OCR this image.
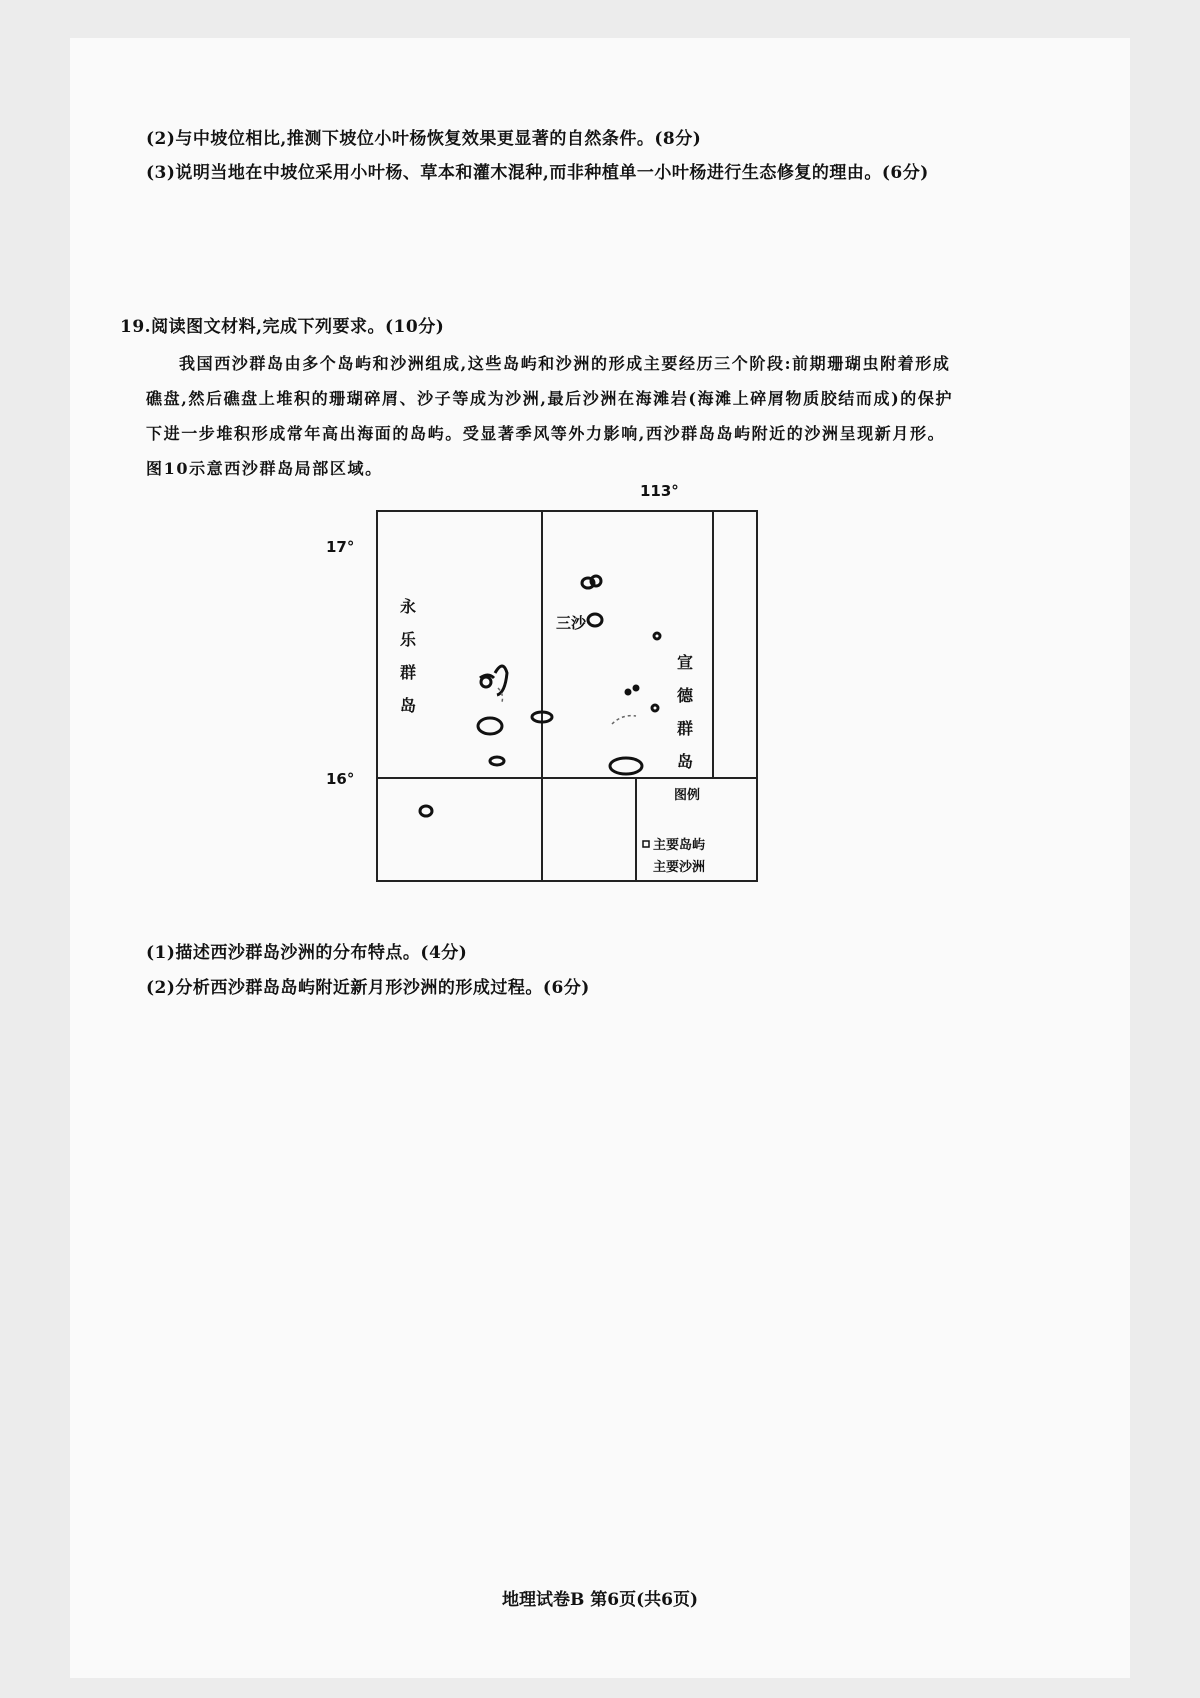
(2)与中坡位相比,推测下坡位小叶杨恢复效果更显著的自然条件。(8分)
(3)说明当地在中坡位采用小叶杨、草本和灌木混种,而非种植单一小叶杨进行生态修复的理由。(6分)
19.阅读图文材料,完成下列要求。(10分)
我国西沙群岛由多个岛屿和沙洲组成,这些岛屿和沙洲的形成主要经历三个阶段:前期珊瑚虫附着形成礁盘,然后礁盘上堆积的珊瑚碎屑、沙子等成为沙洲,最后沙洲在海滩岩(海滩上碎屑物质胶结而成)的保护下进一步堆积形成常年高出海面的岛屿。受显著季风等外力影响,西沙群岛岛屿附近的沙洲呈现新月形。图10示意西沙群岛局部区域。
113°
17°
16°
三沙
永乐群岛
宣德群岛
图例
主要岛屿
主要沙洲
(1)描述西沙群岛沙洲的分布特点。(4分)
(2)分析西沙群岛岛屿附近新月形沙洲的形成过程。(6分)
地理试卷B 第6页(共6页)
